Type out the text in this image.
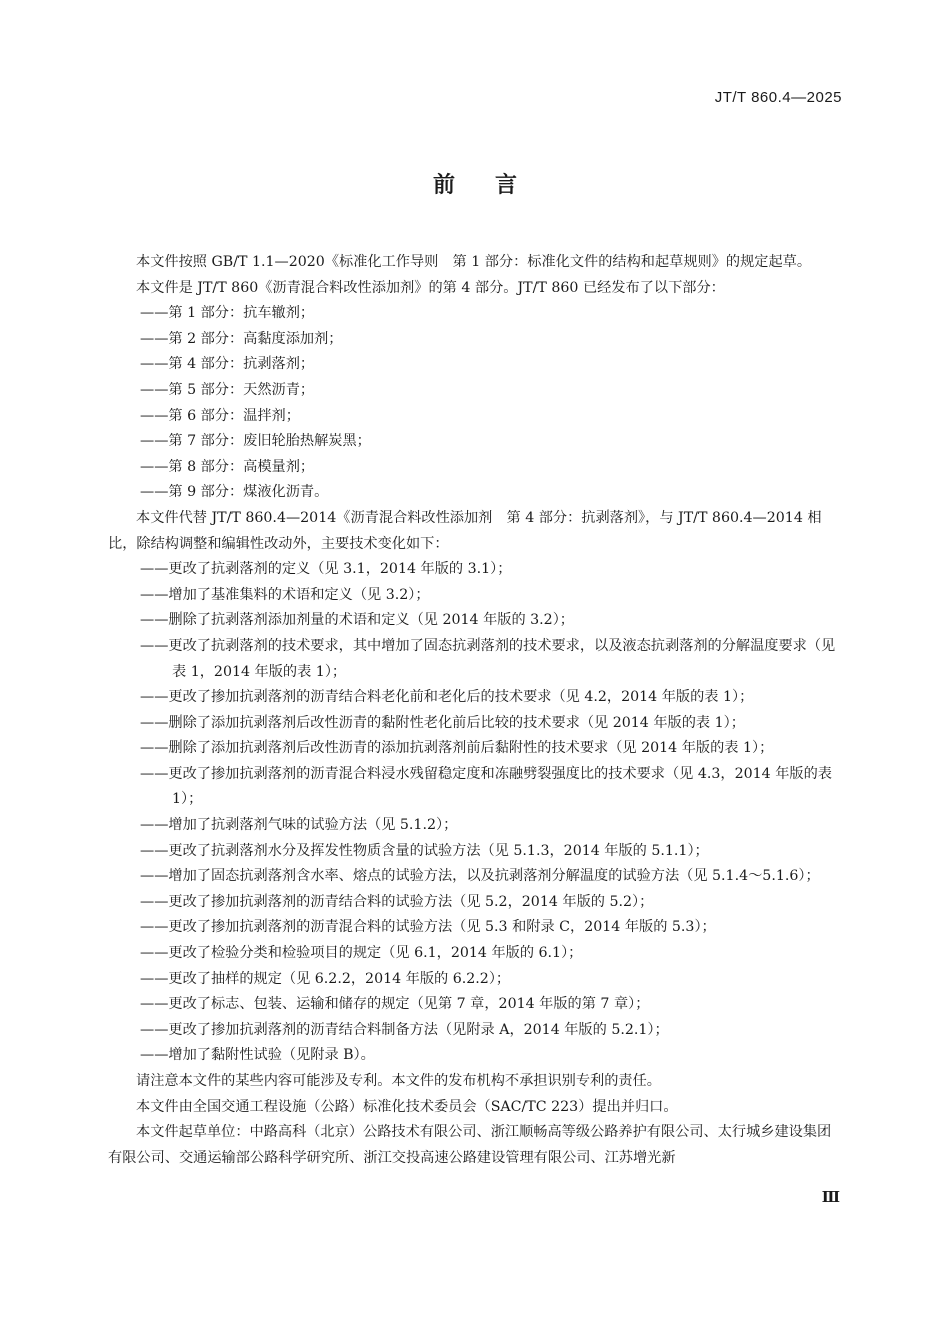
JT/T 860.4—2025
前言

本文件按照 GB/T 1.1—2020《标准化工作导则　第 1 部分：标准化文件的结构和起草规则》的规定起草。

本文件是 JT/T 860《沥青混合料改性添加剂》的第 4 部分。JT/T 860 已经发布了以下部分：

——第 1 部分：抗车辙剂；

——第 2 部分：高黏度添加剂；

——第 4 部分：抗剥落剂；

——第 5 部分：天然沥青；

——第 6 部分：温拌剂；

——第 7 部分：废旧轮胎热解炭黑；

——第 8 部分：高模量剂；

——第 9 部分：煤液化沥青。

本文件代替 JT/T 860.4—2014《沥青混合料改性添加剂　第 4 部分：抗剥落剂》，与 JT/T 860.4—2014 相比，除结构调整和编辑性改动外，主要技术变化如下：

——更改了抗剥落剂的定义（见 3.1，2014 年版的 3.1）；

——增加了基准集料的术语和定义（见 3.2）；

——删除了抗剥落剂添加剂量的术语和定义（见 2014 年版的 3.2）；

——更改了抗剥落剂的技术要求，其中增加了固态抗剥落剂的技术要求，以及液态抗剥落剂的分解温度要求（见表 1，2014 年版的表 1）；

——更改了掺加抗剥落剂的沥青结合料老化前和老化后的技术要求（见 4.2，2014 年版的表 1）；

——删除了添加抗剥落剂后改性沥青的黏附性老化前后比较的技术要求（见 2014 年版的表 1）；

——删除了添加抗剥落剂后改性沥青的添加抗剥落剂前后黏附性的技术要求（见 2014 年版的表 1）；

——更改了掺加抗剥落剂的沥青混合料浸水残留稳定度和冻融劈裂强度比的技术要求（见 4.3，2014 年版的表 1）；

——增加了抗剥落剂气味的试验方法（见 5.1.2）；

——更改了抗剥落剂水分及挥发性物质含量的试验方法（见 5.1.3，2014 年版的 5.1.1）；

——增加了固态抗剥落剂含水率、熔点的试验方法，以及抗剥落剂分解温度的试验方法（见 5.1.4～5.1.6）；

——更改了掺加抗剥落剂的沥青结合料的试验方法（见 5.2，2014 年版的 5.2）；

——更改了掺加抗剥落剂的沥青混合料的试验方法（见 5.3 和附录 C，2014 年版的 5.3）；

——更改了检验分类和检验项目的规定（见 6.1，2014 年版的 6.1）；

——更改了抽样的规定（见 6.2.2，2014 年版的 6.2.2）；

——更改了标志、包装、运输和储存的规定（见第 7 章，2014 年版的第 7 章）；

——更改了掺加抗剥落剂的沥青结合料制备方法（见附录 A，2014 年版的 5.2.1）；

——增加了黏附性试验（见附录 B）。

请注意本文件的某些内容可能涉及专利。本文件的发布机构不承担识别专利的责任。

本文件由全国交通工程设施（公路）标准化技术委员会（SAC/TC 223）提出并归口。

本文件起草单位：中路高科（北京）公路技术有限公司、浙江顺畅高等级公路养护有限公司、太行城乡建设集团有限公司、交通运输部公路科学研究所、浙江交投高速公路建设管理有限公司、江苏增光新

Ⅲ
